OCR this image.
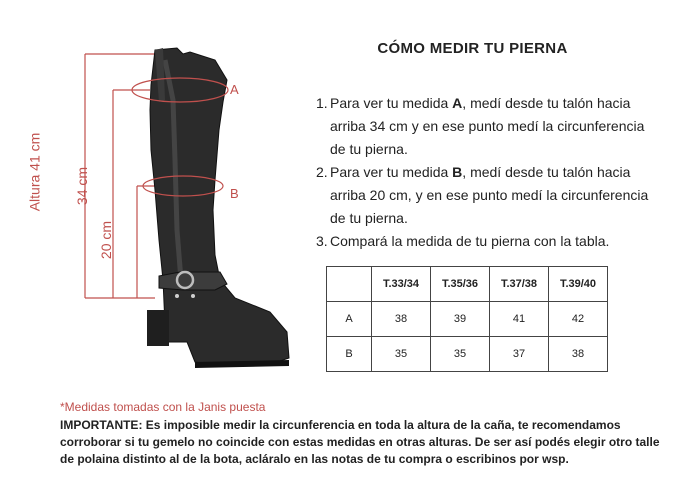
Altura 41 cm 34 cm
20 cm
A
B
CÓMO MEDIR TU PIERNA
1. Para ver tu medida A, medí desde tu talón hacia arriba 34 cm y en ese punto medí la circunferencia de tu pierna.
2. Para ver tu medida B, medí desde tu talón hacia arriba 20 cm, y en ese punto medí la circunferencia de tu pierna.
3. Compará la medida de tu pierna con la tabla.
	T.33/34	T.35/36	T.37/38	T.39/40
A	38	39	41	42
B	35	35	37	38
*Medidas tomadas con la Janis puesta

IMPORTANTE: Es imposible medir la circunferencia en toda la altura de la caña, te recomendamos corroborar si tu gemelo no coincide con estas medidas en otras alturas. De ser así podés elegir otro talle de polaina distinto al de la bota, acláralo en las notas de tu compra o escribinos por wsp.
